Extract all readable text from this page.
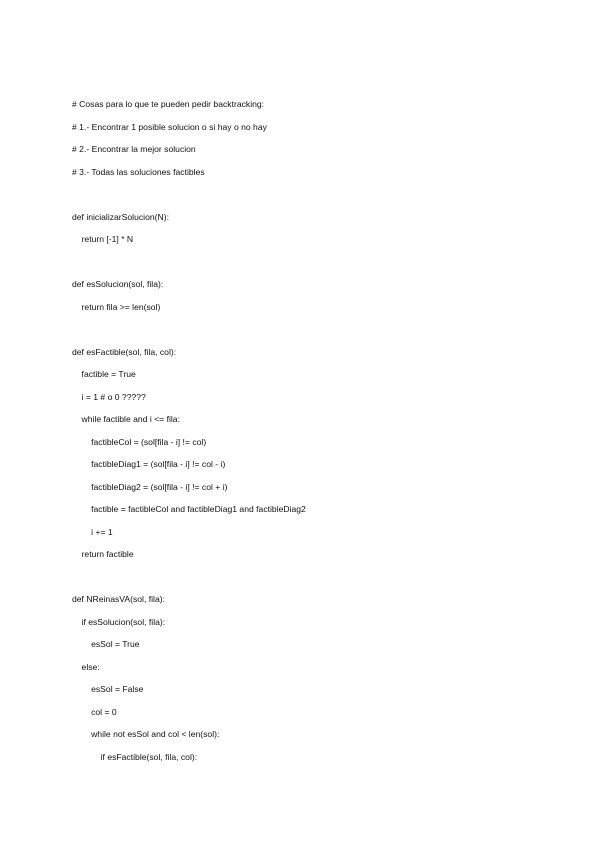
# Cosas para lo que te pueden pedir backtracking:
# 1.- Encontrar 1 posible solucion o si hay o no hay
# 2.- Encontrar la mejor solucion
# 3.- Todas las soluciones factibles
def inicializarSolucion(N):
return [-1] * N
def esSolucion(sol, fila):
return fila >= len(sol)
def esFactible(sol, fila, col):
factible = True
i = 1 # o 0 ?????
while factible and i <= fila:
factibleCol = (sol[fila - i] != col)
factibleDiag1 = (sol[fila - i] != col - i)
factibleDiag2 = (sol[fila - i] != col + i)
factible = factibleCol and factibleDiag1 and factibleDiag2
i += 1
return factible
def NReinasVA(sol, fila):
if esSolucion(sol, fila):
esSol = True
else:
esSol = False
col = 0
while not esSol and col < len(sol):
if esFactible(sol, fila, col):
